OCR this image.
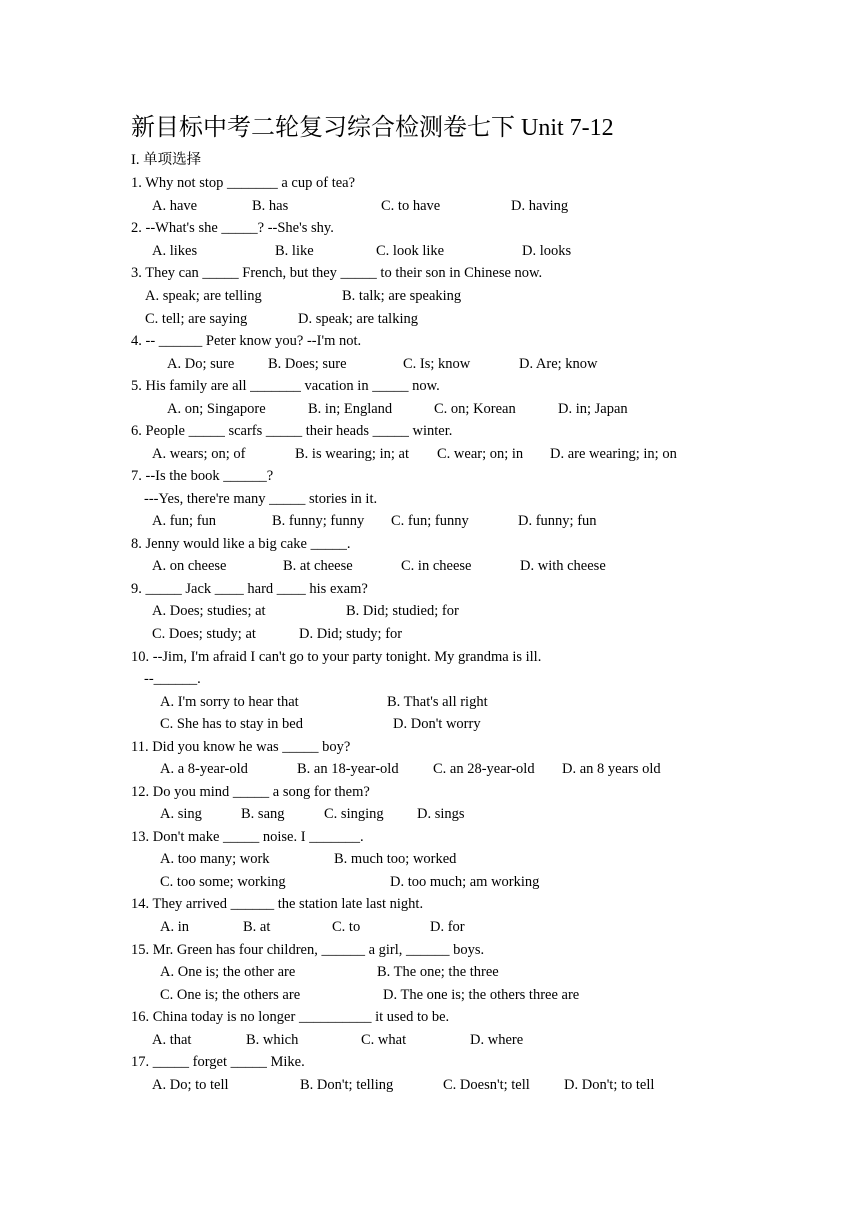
新目标中考二轮复习综合检测卷七下 Unit 7-12
I. 单项选择
1. Why not stop _______ a cup of tea?
A. have	B. has	C. to have	D. having
2. --What's she _____? --She's shy.
A. likes	B. like	C. look like	D. looks
3. They can _____ French, but they _____ to their son in Chinese now.
A. speak; are telling	B. talk; are speaking
C. tell; are saying	D. speak; are talking
4. -- ______ Peter know you? --I'm not.
A. Do; sure B. Does; sure	C. Is; know	D. Are; know
5. His family are all _______ vacation in _____ now.
A. on; Singapore	B. in; England	C. on; Korean	D. in; Japan
6. People _____ scarfs _____ their heads _____ winter.
A. wears; on; of	B. is wearing; in; at C. wear; on; in D. are wearing; in; on
7. --Is the book ______?
---Yes, there're many _____ stories in it.
A. fun; fun	B. funny; funny C. fun; funny	D. funny; fun
8. Jenny would like a big cake _____.
A. on cheese	B. at cheese	C. in cheese	D. with cheese
9. _____ Jack ____ hard ____ his exam?
A. Does; studies; at	B. Did; studied; for
C. Does; study; at	D. Did; study; for
10. --Jim, I'm afraid I can't go to your party tonight. My grandma is ill.
--______.
A. I'm sorry to hear that	B. That's all right
C. She has to stay in bed	D. Don't worry
11. Did you know he was _____ boy?
A. a 8-year-old	B. an 18-year-old C. an 28-year-old D. an 8 years old
12. Do you mind _____ a song for them?
A. sing	B. sang	C. singing D. sings
13. Don't make _____ noise. I _______.
A. too many; work	B. much too; worked
C. too some; working	D. too much; am working
14. They arrived ______ the station late last night.
A. in	B. at	C. to	D. for
15. Mr. Green has four children, ______ a girl, ______ boys.
A. One is; the other are	B. The one; the three
C. One is; the others are	D. The one is; the others three are
16. China today is no longer __________ it used to be.
A. that	B. which	C. what	D. where
17. _____ forget _____ Mike.
A. Do; to tell	B. Don't; telling	C. Doesn't; tell D. Don't; to tell
